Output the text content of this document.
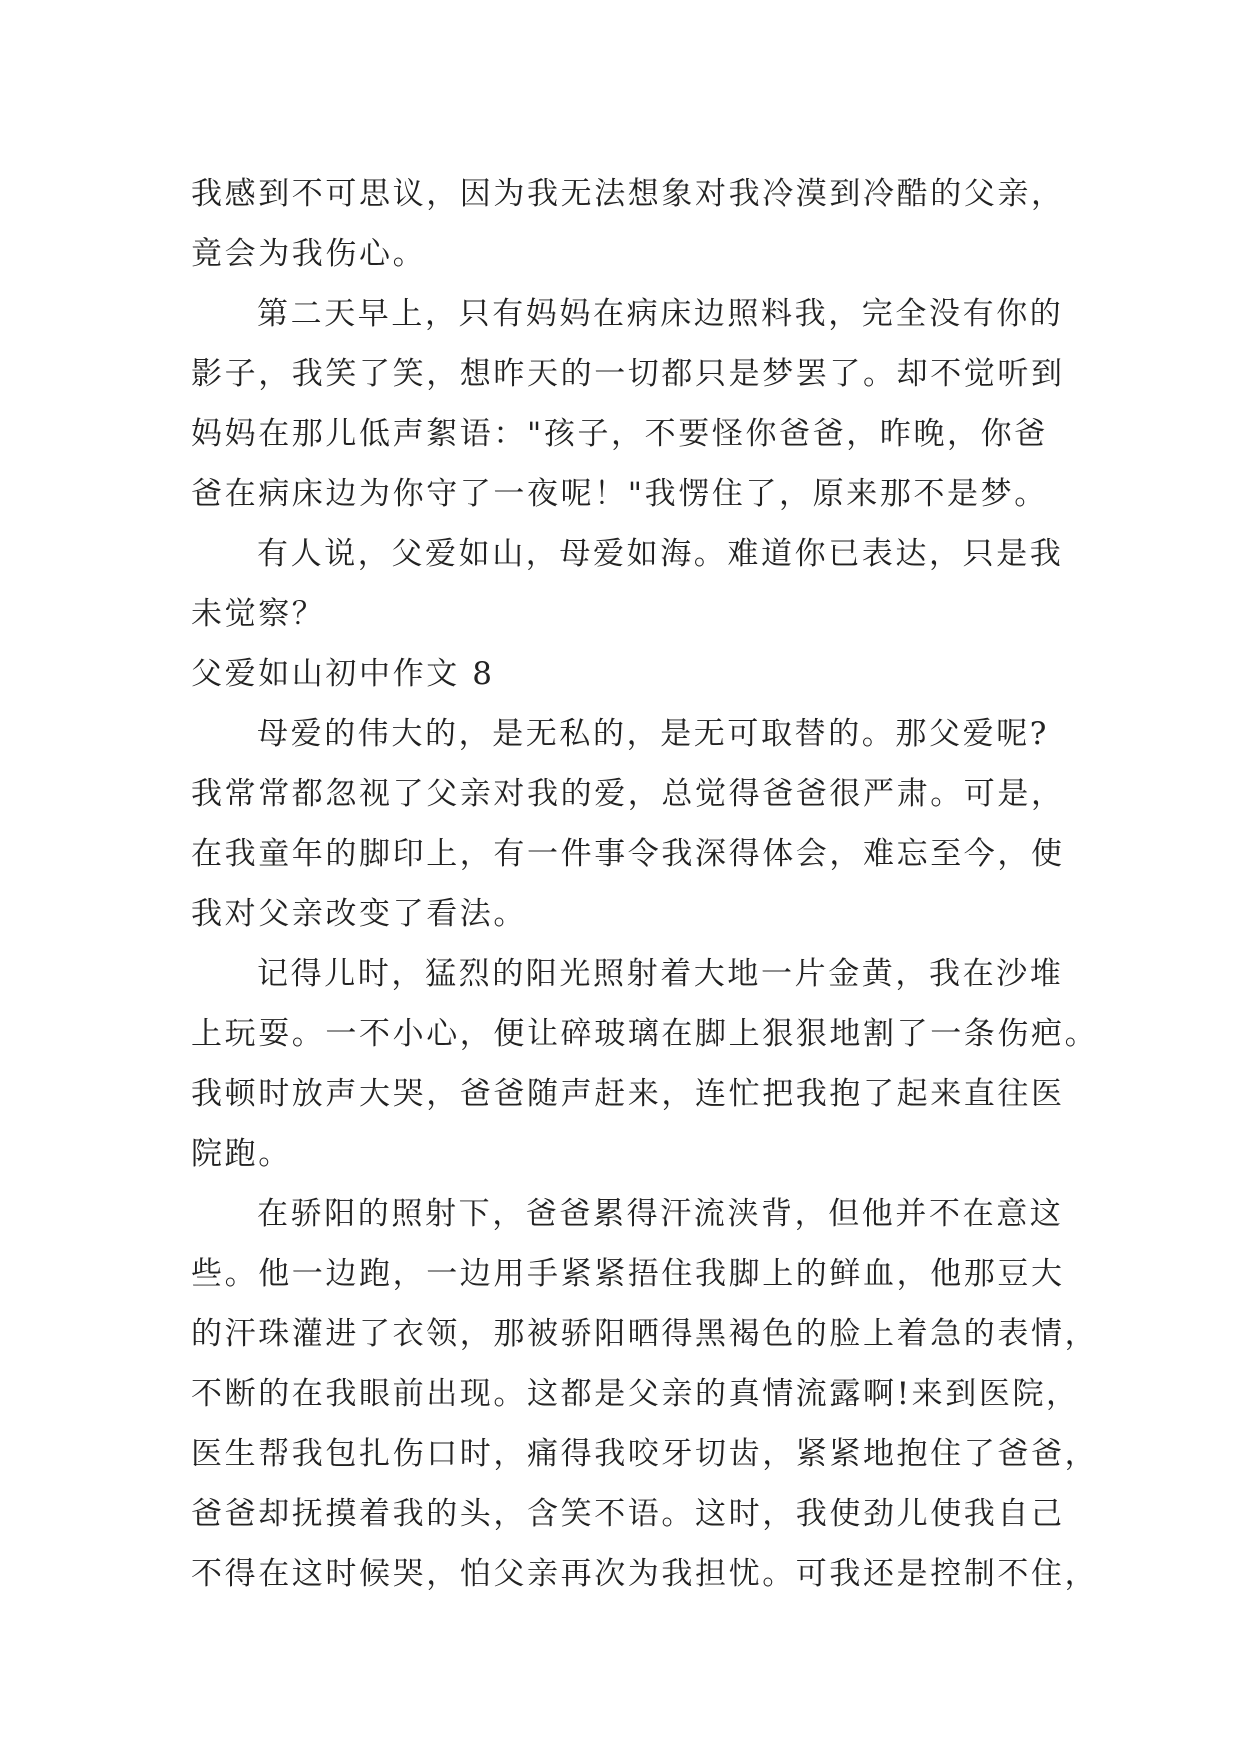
我感到不可思议，因为我无法想象对我冷漠到冷酷的父亲，
竟会为我伤心。
第二天早上，只有妈妈在病床边照料我，完全没有你的
影子，我笑了笑，想昨天的一切都只是梦罢了。却不觉听到
妈妈在那儿低声絮语："孩子，不要怪你爸爸，昨晚，你爸
爸在病床边为你守了一夜呢！"我愣住了，原来那不是梦。
有人说，父爱如山，母爱如海。难道你已表达，只是我
未觉察？
父爱如山初中作文 8
母爱的伟大的，是无私的，是无可取替的。那父爱呢?
我常常都忽视了父亲对我的爱，总觉得爸爸很严肃。可是，
在我童年的脚印上，有一件事令我深得体会，难忘至今，使
我对父亲改变了看法。
记得儿时，猛烈的阳光照射着大地一片金黄，我在沙堆
上玩耍。一不小心，便让碎玻璃在脚上狠狠地割了一条伤疤。
我顿时放声大哭，爸爸随声赶来，连忙把我抱了起来直往医
院跑。
在骄阳的照射下，爸爸累得汗流浃背，但他并不在意这
些。他一边跑，一边用手紧紧捂住我脚上的鲜血，他那豆大
的汗珠灌进了衣领，那被骄阳晒得黑褐色的脸上着急的表情，
不断的在我眼前出现。这都是父亲的真情流露啊!来到医院，
医生帮我包扎伤口时，痛得我咬牙切齿，紧紧地抱住了爸爸，
爸爸却抚摸着我的头，含笑不语。这时，我使劲儿使我自己
不得在这时候哭，怕父亲再次为我担忧。可我还是控制不住，
